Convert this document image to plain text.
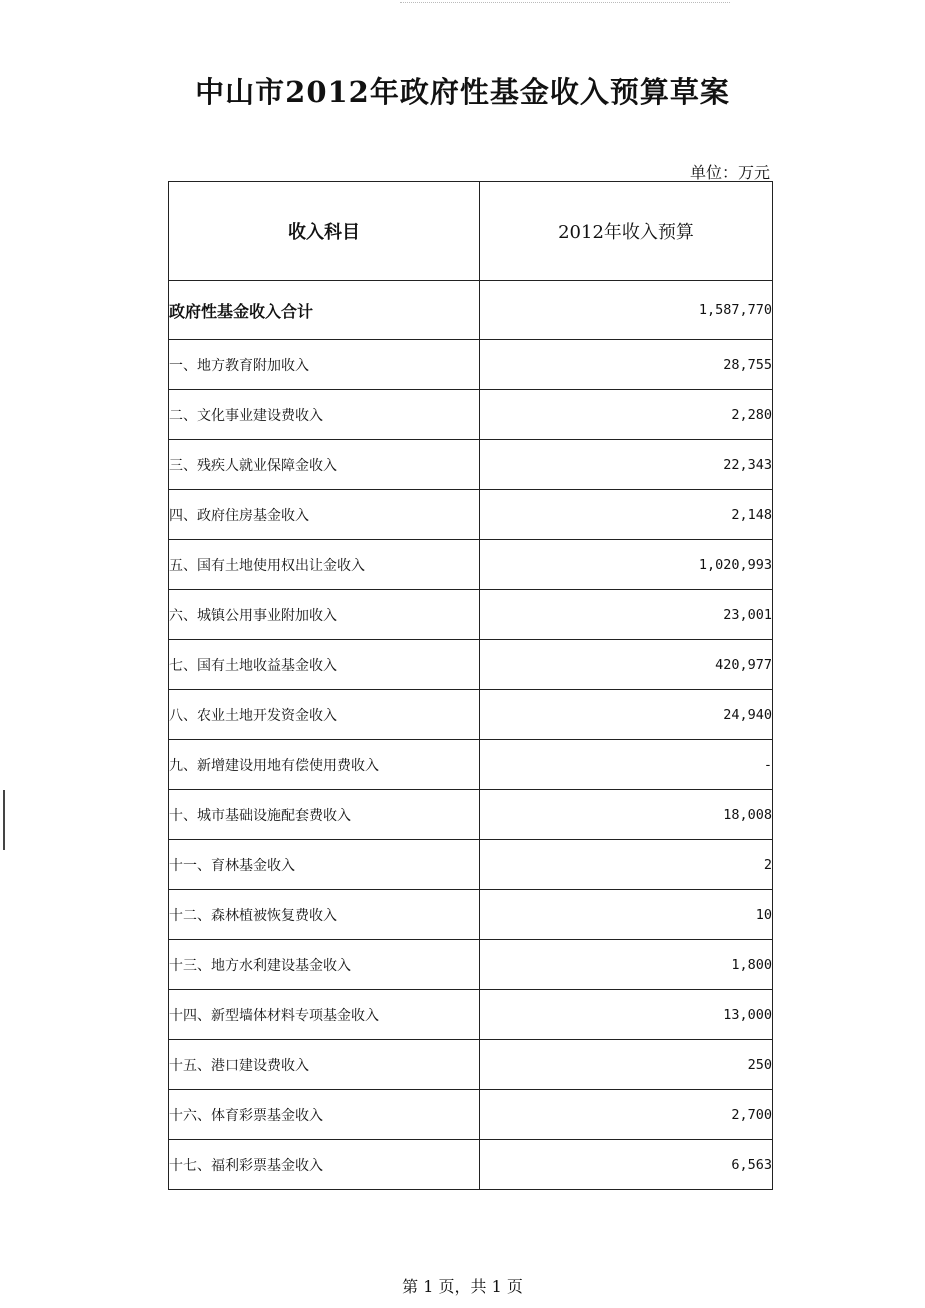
中山市2012年政府性基金收入预算草案
单位：万元
收入科目	2012年收入预算
政府性基金收入合计	1,587,770
一、地方教育附加收入	28,755
二、文化事业建设费收入	2,280
三、残疾人就业保障金收入	22,343
四、政府住房基金收入	2,148
五、国有土地使用权出让金收入	1,020,993
六、城镇公用事业附加收入	23,001
七、国有土地收益基金收入	420,977
八、农业土地开发资金收入	24,940
九、新增建设用地有偿使用费收入	-
十、城市基础设施配套费收入	18,008
十一、育林基金收入	2
十二、森林植被恢复费收入	10
十三、地方水利建设基金收入	1,800
十四、新型墙体材料专项基金收入	13,000
十五、港口建设费收入	250
十六、体育彩票基金收入	2,700
十七、福利彩票基金收入	6,563
第 1 页，共 1 页
